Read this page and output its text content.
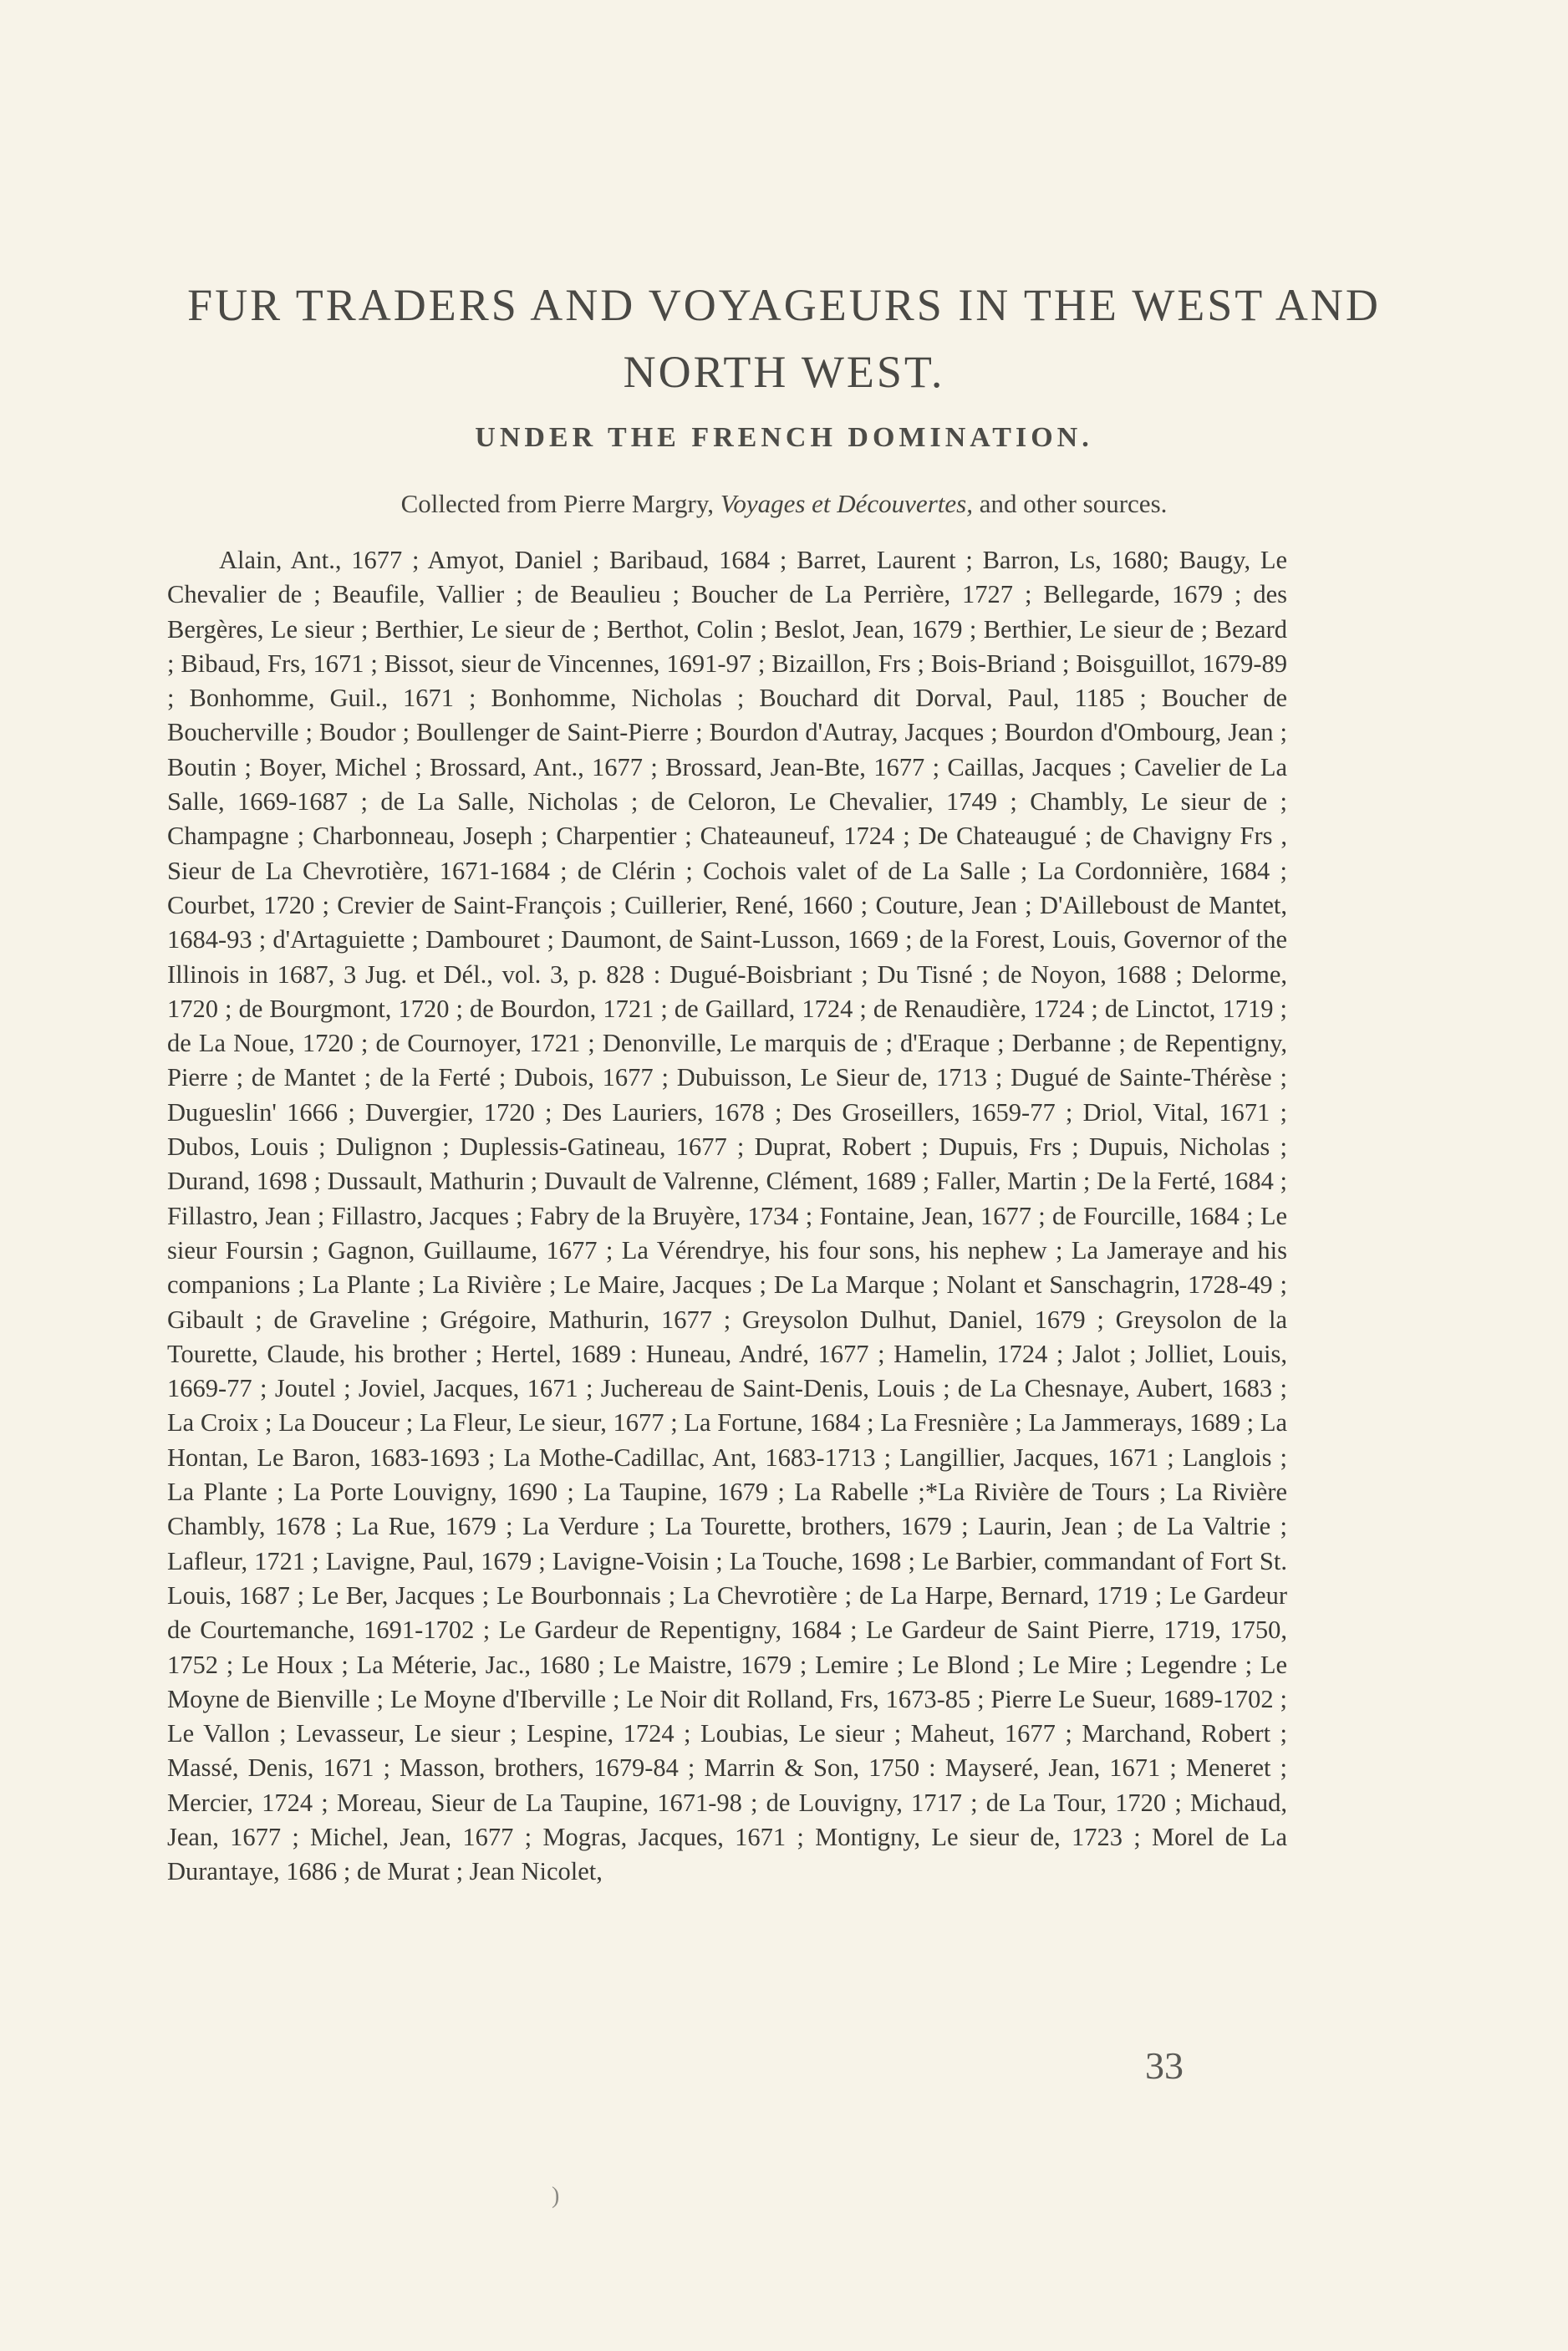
FUR TRADERS AND VOYAGEURS IN THE WEST AND NORTH WEST.
UNDER THE FRENCH DOMINATION.

Collected from Pierre Margry, Voyages et Découvertes, and other sources.

Alain, Ant., 1677 ; Amyot, Daniel ; Baribaud, 1684 ; Barret, Laurent ; Barron, Ls, 1680; Baugy, Le Chevalier de ; Beaufile, Vallier ; de Beaulieu ; Boucher de La Perrière, 1727 ; Bellegarde, 1679 ; des Bergères, Le sieur ; Berthier, Le sieur de ; Berthot, Colin ; Beslot, Jean, 1679 ; Berthier, Le sieur de ; Bezard ; Bibaud, Frs, 1671 ; Bissot, sieur de Vincennes, 1691-97 ; Bizaillon, Frs ; Bois-Briand ; Boisguillot, 1679-89 ; Bonhomme, Guil., 1671 ; Bonhomme, Nicholas ; Bouchard dit Dorval, Paul, 1185 ; Boucher de Boucherville ; Boudor ; Boullenger de Saint-Pierre ; Bourdon d'Autray, Jacques ; Bourdon d'Ombourg, Jean ; Boutin ; Boyer, Michel ; Brossard, Ant., 1677 ; Brossard, Jean-Bte, 1677 ; Caillas, Jacques ; Cavelier de La Salle, 1669-1687 ; de La Salle, Nicholas ; de Celoron, Le Chevalier, 1749 ; Chambly, Le sieur de ; Champagne ; Charbonneau, Joseph ; Charpentier ; Chateauneuf, 1724 ; De Chateaugué ; de Chavigny Frs , Sieur de La Chevrotière, 1671-1684 ; de Clérin ; Cochois valet of de La Salle ; La Cordonnière, 1684 ; Courbet, 1720 ; Crevier de Saint-François ; Cuillerier, René, 1660 ; Couture, Jean ; D'Ailleboust de Mantet, 1684-93 ; d'Artaguiette ; Dambouret ; Daumont, de Saint-Lusson, 1669 ; de la Forest, Louis, Governor of the Illinois in 1687, 3 Jug. et Dél., vol. 3, p. 828 : Dugué-Boisbriant ; Du Tisné ; de Noyon, 1688 ; Delorme, 1720 ; de Bourgmont, 1720 ; de Bourdon, 1721 ; de Gaillard, 1724 ; de Renaudière, 1724 ; de Linctot, 1719 ; de La Noue, 1720 ; de Cournoyer, 1721 ; Denonville, Le marquis de ; d'Eraque ; Derbanne ; de Repentigny, Pierre ; de Mantet ; de la Ferté ; Dubois, 1677 ; Dubuisson, Le Sieur de, 1713 ; Dugué de Sainte-Thérèse ; Dugueslin' 1666 ; Duvergier, 1720 ; Des Lauriers, 1678 ; Des Groseillers, 1659-77 ; Driol, Vital, 1671 ; Dubos, Louis ; Dulignon ; Duplessis-Gatineau, 1677 ; Duprat, Robert ; Dupuis, Frs ; Dupuis, Nicholas ; Durand, 1698 ; Dussault, Mathurin ; Duvault de Valrenne, Clément, 1689 ; Faller, Martin ; De la Ferté, 1684 ; Fillastro, Jean ; Fillastro, Jacques ; Fabry de la Bruyère, 1734 ; Fontaine, Jean, 1677 ; de Fourcille, 1684 ; Le sieur Foursin ; Gagnon, Guillaume, 1677 ; La Vérendrye, his four sons, his nephew ; La Jameraye and his companions ; La Plante ; La Rivière ; Le Maire, Jacques ; De La Marque ; Nolant et Sanschagrin, 1728-49 ; Gibault ; de Graveline ; Grégoire, Mathurin, 1677 ; Greysolon Dulhut, Daniel, 1679 ; Greysolon de la Tourette, Claude, his brother ; Hertel, 1689 : Huneau, André, 1677 ; Hamelin, 1724 ; Jalot ; Jolliet, Louis, 1669-77 ; Joutel ; Joviel, Jacques, 1671 ; Juchereau de Saint-Denis, Louis ; de La Chesnaye, Aubert, 1683 ; La Croix ; La Douceur ; La Fleur, Le sieur, 1677 ; La Fortune, 1684 ; La Fresnière ; La Jammerays, 1689 ; La Hontan, Le Baron, 1683-1693 ; La Mothe-Cadillac, Ant, 1683-1713 ; Langillier, Jacques, 1671 ; Langlois ; La Plante ; La Porte Louvigny, 1690 ; La Taupine, 1679 ; La Rabelle ;*La Rivière de Tours ; La Rivière Chambly, 1678 ; La Rue, 1679 ; La Verdure ; La Tourette, brothers, 1679 ; Laurin, Jean ; de La Valtrie ; Lafleur, 1721 ; Lavigne, Paul, 1679 ; Lavigne-Voisin ; La Touche, 1698 ; Le Barbier, commandant of Fort St. Louis, 1687 ; Le Ber, Jacques ; Le Bourbonnais ; La Chevrotière ; de La Harpe, Bernard, 1719 ; Le Gardeur de Courtemanche, 1691-1702 ; Le Gardeur de Repentigny, 1684 ; Le Gardeur de Saint Pierre, 1719, 1750, 1752 ; Le Houx ; La Méterie, Jac., 1680 ; Le Maistre, 1679 ; Lemire ; Le Blond ; Le Mire ; Legendre ; Le Moyne de Bienville ; Le Moyne d'Iberville ; Le Noir dit Rolland, Frs, 1673-85 ; Pierre Le Sueur, 1689-1702 ; Le Vallon ; Levasseur, Le sieur ; Lespine, 1724 ; Loubias, Le sieur ; Maheut, 1677 ; Marchand, Robert ; Massé, Denis, 1671 ; Masson, brothers, 1679-84 ; Marrin & Son, 1750 : Mayseré, Jean, 1671 ; Meneret ; Mercier, 1724 ; Moreau, Sieur de La Taupine, 1671-98 ; de Louvigny, 1717 ; de La Tour, 1720 ; Michaud, Jean, 1677 ; Michel, Jean, 1677 ; Mogras, Jacques, 1671 ; Montigny, Le sieur de, 1723 ; Morel de La Durantaye, 1686 ; de Murat ; Jean Nicolet,

33

)
